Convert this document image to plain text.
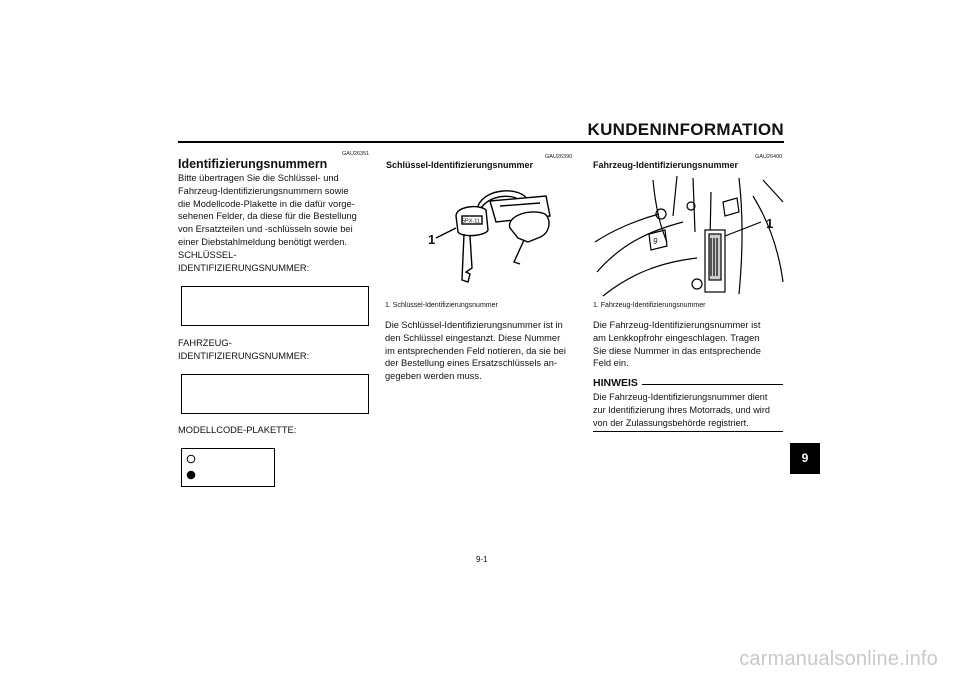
KUNDENINFORMATION
GAU26351
Identifizierungsnummern
Bitte übertragen Sie die Schlüssel- und
Fahrzeug-Identifizierungsnummern sowie
die Modellcode-Plakette in die dafür vorge-
sehenen Felder, da diese für die Bestellung
von Ersatzteilen und -schlüsseln sowie bei
einer Diebstahlmeldung benötigt werden.
SCHLÜSSEL-
IDENTIFIZIERUNGSNUMMER:
FAHRZEUG-
IDENTIFIZIERUNGSNUMMER:
MODELLCODE-PLAKETTE:
GAU26390
Schlüssel-Identifizierungsnummer
5PX-11
1
1. Schlüssel-Identifizierungsnummer
Die Schlüssel-Identifizierungsnummer ist in
den Schlüssel eingestanzt. Diese Nummer
im entsprechenden Feld notieren, da sie bei
der Bestellung eines Ersatzschlüssels an-
gegeben werden muss.
GAU26400
Fahrzeug-Identifizierungsnummer
9
1
1. Fahrzeug-Identifizierungsnummer
Die Fahrzeug-Identifizierungsnummer ist
am Lenkkopfrohr eingeschlagen. Tragen
Sie diese Nummer in das entsprechende
Feld ein.
HINWEIS
Die Fahrzeug-Identifizierungsnummer dient
zur Identifizierung ihres Motorrads, und wird
von der Zulassungsbehörde registriert.
9
9-1
carmanualsonline.info
